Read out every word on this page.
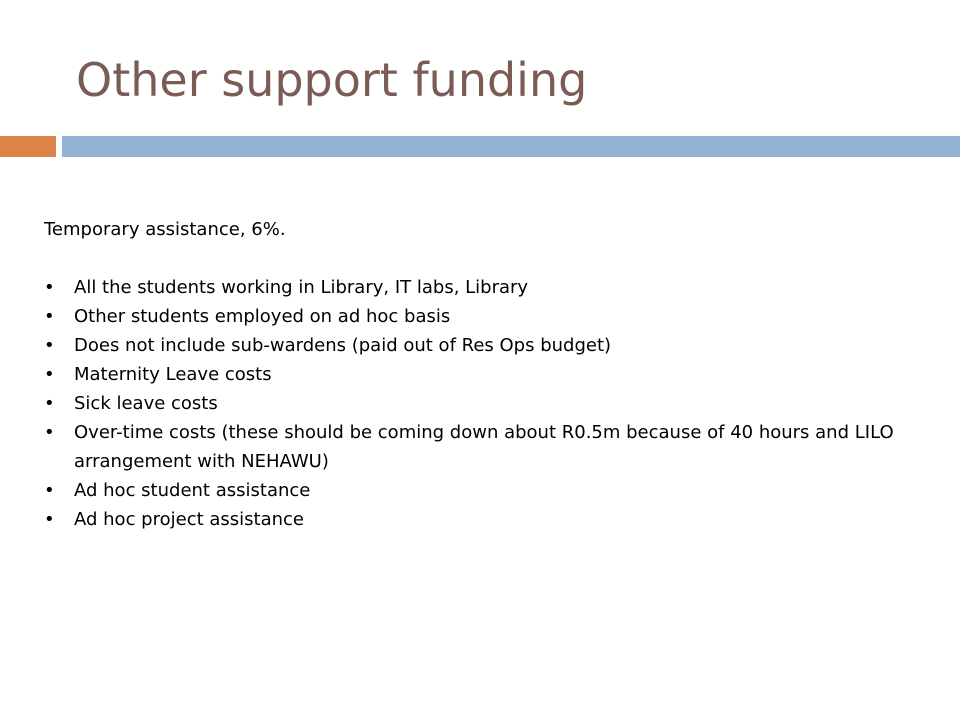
Other support funding

Temporary assistance, 6%.

• All the students working in Library, IT labs, Library
• Other students employed on ad hoc basis
• Does not include sub-wardens (paid out of Res Ops budget)
• Maternity Leave costs
• Sick leave costs
• Over-time costs (these should be coming down about R0.5m because of 40 hours and LILO arrangement with NEHAWU)
• Ad hoc student assistance
• Ad hoc project assistance
